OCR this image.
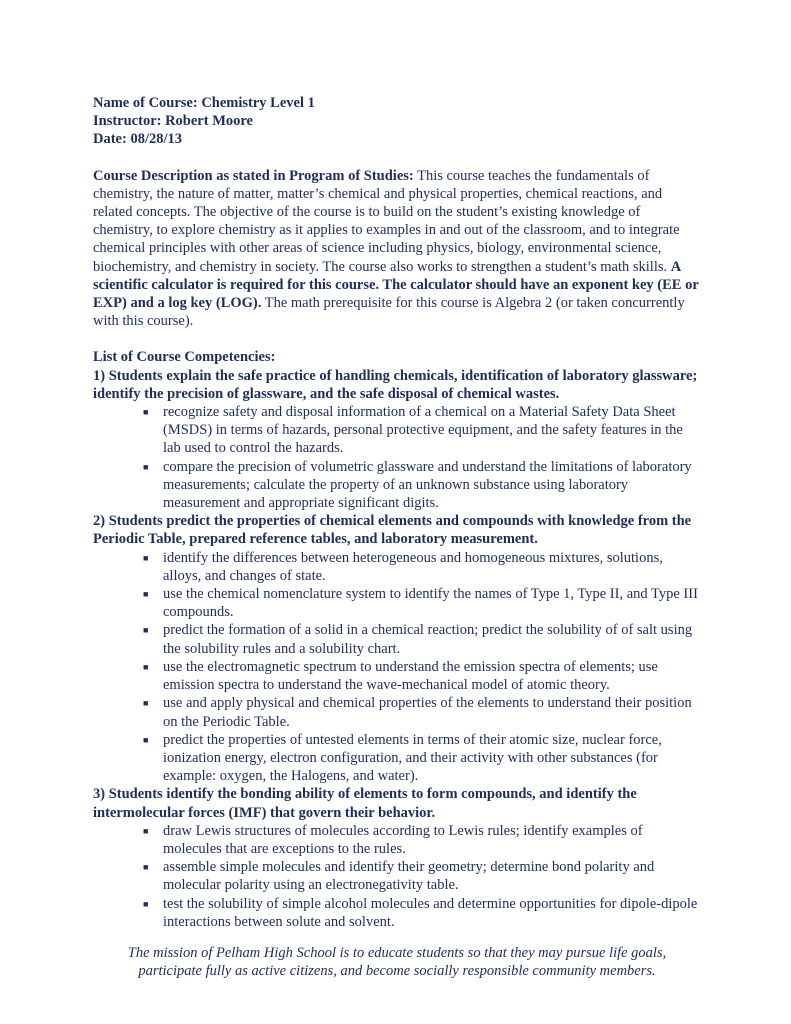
Name of Course: Chemistry Level 1
Instructor: Robert Moore
Date: 08/28/13

Course Description as stated in Program of Studies: This course teaches the fundamentals of chemistry, the nature of matter, matter’s chemical and physical properties, chemical reactions, and related concepts. The objective of the course is to build on the student’s existing knowledge of chemistry, to explore chemistry as it applies to examples in and out of the classroom, and to integrate chemical principles with other areas of science including physics, biology, environmental science, biochemistry, and chemistry in society. The course also works to strengthen a student’s math skills. A scientific calculator is required for this course. The calculator should have an exponent key (EE or EXP) and a log key (LOG). The math prerequisite for this course is Algebra 2 (or taken concurrently with this course).

List of Course Competencies:

1) Students explain the safe practice of handling chemicals, identification of laboratory glassware; identify the precision of glassware, and the safe disposal of chemical wastes.

■ recognize safety and disposal information of a chemical on a Material Safety Data Sheet (MSDS) in terms of hazards, personal protective equipment, and the safety features in the lab used to control the hazards.
■ compare the precision of volumetric glassware and understand the limitations of laboratory measurements; calculate the property of an unknown substance using laboratory measurement and appropriate significant digits.

2) Students predict the properties of chemical elements and compounds with knowledge from the Periodic Table, prepared reference tables, and laboratory measurement.

■ identify the differences between heterogeneous and homogeneous mixtures, solutions, alloys, and changes of state.
■ use the chemical nomenclature system to identify the names of Type 1, Type II, and Type III compounds.
■ predict the formation of a solid in a chemical reaction; predict the solubility of of salt using the solubility rules and a solubility chart.
■ use the electromagnetic spectrum to understand the emission spectra of elements; use emission spectra to understand the wave-mechanical model of atomic theory.
■ use and apply physical and chemical properties of the elements to understand their position on the Periodic Table.
■ predict the properties of untested elements in terms of their atomic size, nuclear force, ionization energy, electron configuration, and their activity with other substances (for example: oxygen, the Halogens, and water).

3) Students identify the bonding ability of elements to form compounds, and identify the intermolecular forces (IMF) that govern their behavior.

■ draw Lewis structures of molecules according to Lewis rules; identify examples of molecules that are exceptions to the rules.
■ assemble simple molecules and identify their geometry; determine bond polarity and molecular polarity using an electronegativity table.
■ test the solubility of simple alcohol molecules and determine opportunities for dipole-dipole interactions between solute and solvent.
The mission of Pelham High School is to educate students so that they may pursue life goals,
participate fully as active citizens, and become socially responsible community members.
